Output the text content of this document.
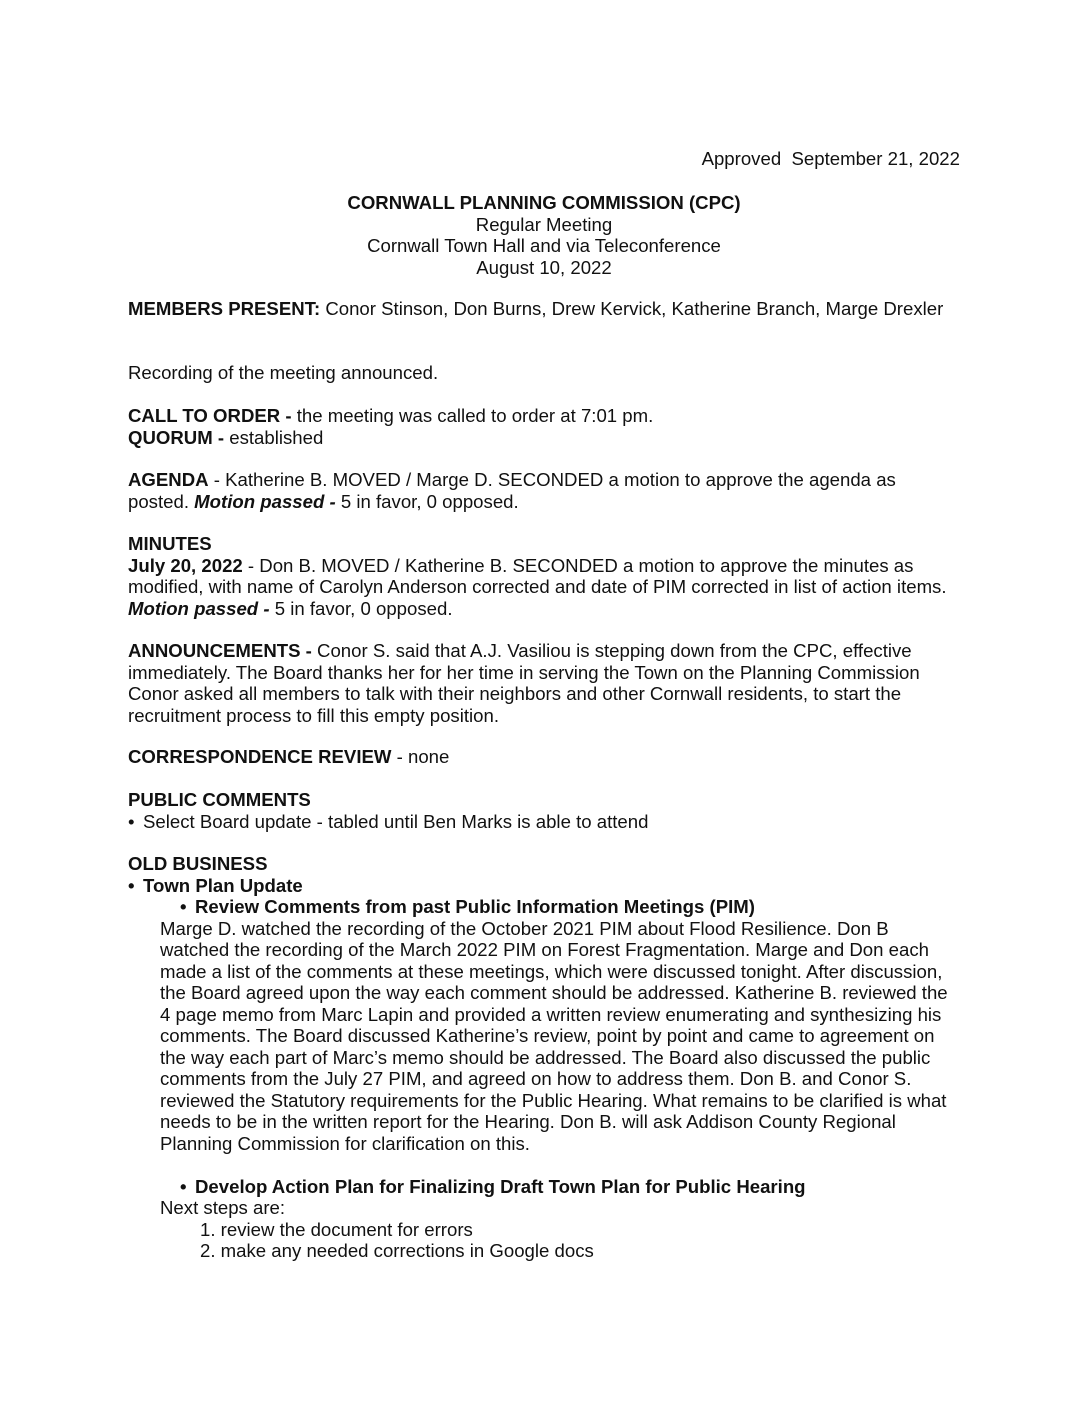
Approved  September 21, 2022
CORNWALL PLANNING COMMISSION (CPC)
Regular Meeting
Cornwall Town Hall and via Teleconference
August 10, 2022

MEMBERS PRESENT: Conor Stinson, Don Burns, Drew Kervick, Katherine Branch, Marge Drexler

Recording of the meeting announced.

CALL TO ORDER - the meeting was called to order at 7:01 pm.

QUORUM - established

AGENDA - Katherine B. MOVED / Marge D. SECONDED a motion to approve the agenda as posted. Motion passed - 5 in favor, 0 opposed.

MINUTES

July 20, 2022 - Don B. MOVED / Katherine B. SECONDED a motion to approve the minutes as modified, with name of Carolyn Anderson corrected and date of PIM corrected in list of action items. Motion passed - 5 in favor, 0 opposed.

ANNOUNCEMENTS - Conor S. said that A.J. Vasiliou is stepping down from the CPC, effective immediately. The Board thanks her for her time in serving the Town on the Planning Commission Conor asked all members to talk with their neighbors and other Cornwall residents, to start the recruitment process to fill this empty position.

CORRESPONDENCE REVIEW - none

PUBLIC COMMENTS

• Select Board update - tabled until Ben Marks is able to attend

OLD BUSINESS

• Town Plan Update

• Review Comments from past Public Information Meetings (PIM)

Marge D. watched the recording of the October 2021 PIM about Flood Resilience. Don B watched the recording of the March 2022 PIM on Forest Fragmentation. Marge and Don each made a list of the comments at these meetings, which were discussed tonight. After discussion, the Board agreed upon the way each comment should be addressed. Katherine B. reviewed the 4 page memo from Marc Lapin and provided a written review enumerating and synthesizing his comments. The Board discussed Katherine’s review, point by point and came to agreement on the way each part of Marc’s memo should be addressed. The Board also discussed the public comments from the July 27 PIM, and agreed on how to address them. Don B. and Conor S. reviewed the Statutory requirements for the Public Hearing. What remains to be clarified is what needs to be in the written report for the Hearing. Don B. will ask Addison County Regional Planning Commission for clarification on this.

• Develop Action Plan for Finalizing Draft Town Plan for Public Hearing

Next steps are:

1. review the document for errors

2. make any needed corrections in Google docs
